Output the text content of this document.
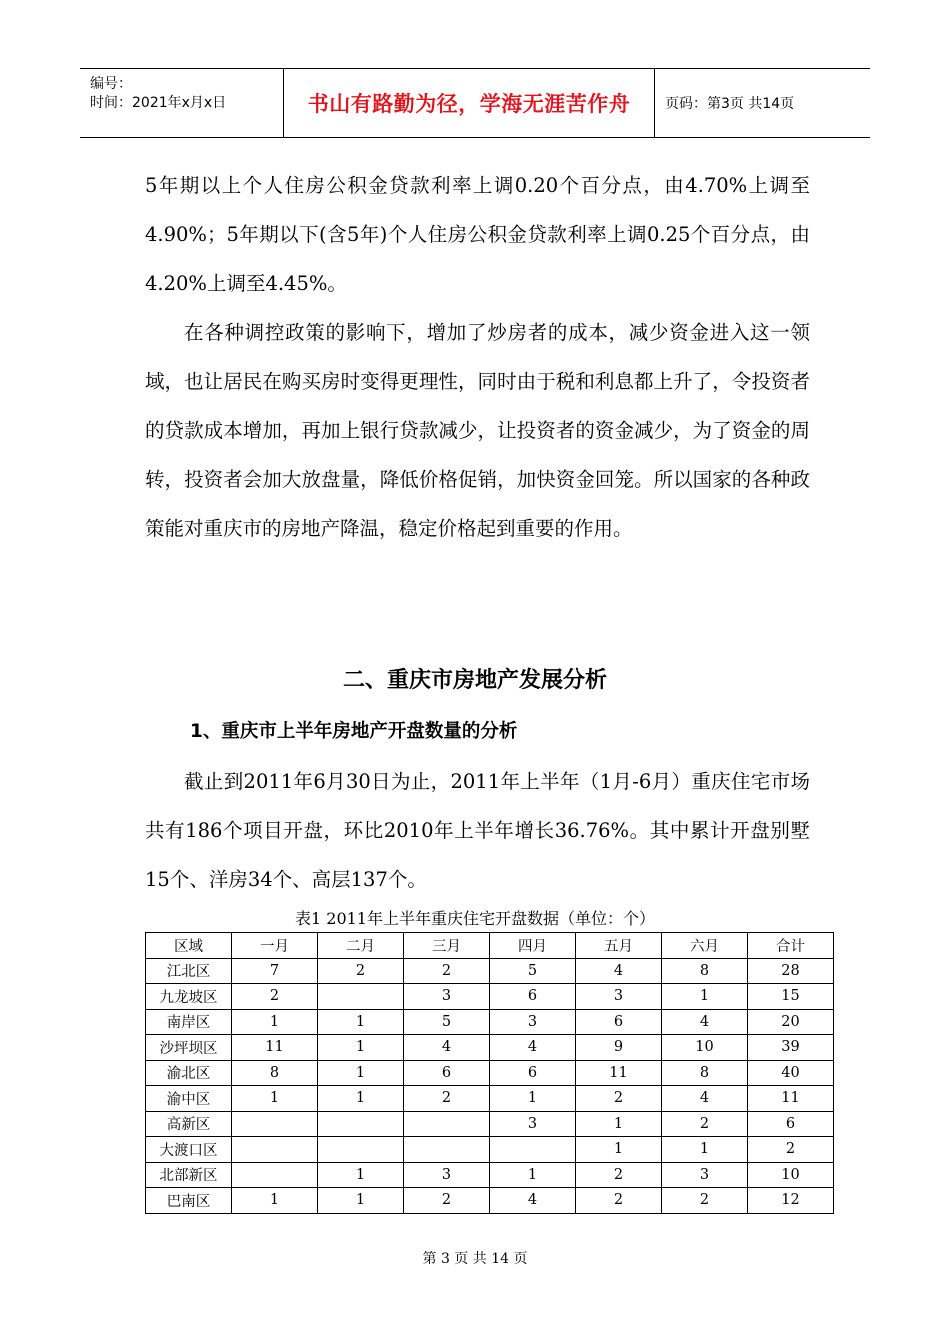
编号：
时间：2021年x月x日	书山有路勤为径，学海无涯苦作舟 页码：第3页 共14页

5年期以上个人住房公积金贷款利率上调0.20个百分点，由4.70%上调至4.90%；5年期以下(含5年)个人住房公积金贷款利率上调0.25个百分点，由4.20%上调至4.45%。

在各种调控政策的影响下，增加了炒房者的成本，减少资金进入这一领域，也让居民在购买房时变得更理性，同时由于税和利息都上升了，令投资者的贷款成本增加，再加上银行贷款减少，让投资者的资金减少，为了资金的周转，投资者会加大放盘量，降低价格促销，加快资金回笼。所以国家的各种政策能对重庆市的房地产降温，稳定价格起到重要的作用。

二、重庆市房地产发展分析
1、重庆市上半年房地产开盘数量的分析

截止到2011年6月30日为止，2011年上半年（1月-6月）重庆住宅市场共有186个项目开盘，环比2010年上半年增长36.76%。其中累计开盘别墅15个、洋房34个、高层137个。

表1 2011年上半年重庆住宅开盘数据（单位：个）
区域	一月	二月	三月	四月	五月	六月	合计
江北区	7	2	2	5	4	8	28
九龙坡区	2		3	6	3	1	15
南岸区	1	1	5	3	6	4	20
沙坪坝区	11	1	4	4	9	10	39
渝北区	8	1	6	6	11	8	40
渝中区	1	1	2	1	2	4	11
高新区				3	1	2	6
大渡口区					1	1	2
北部新区		1	3	1	2	3	10
巴南区	1	1	2	4	2	2	12
第 3 页 共 14 页
